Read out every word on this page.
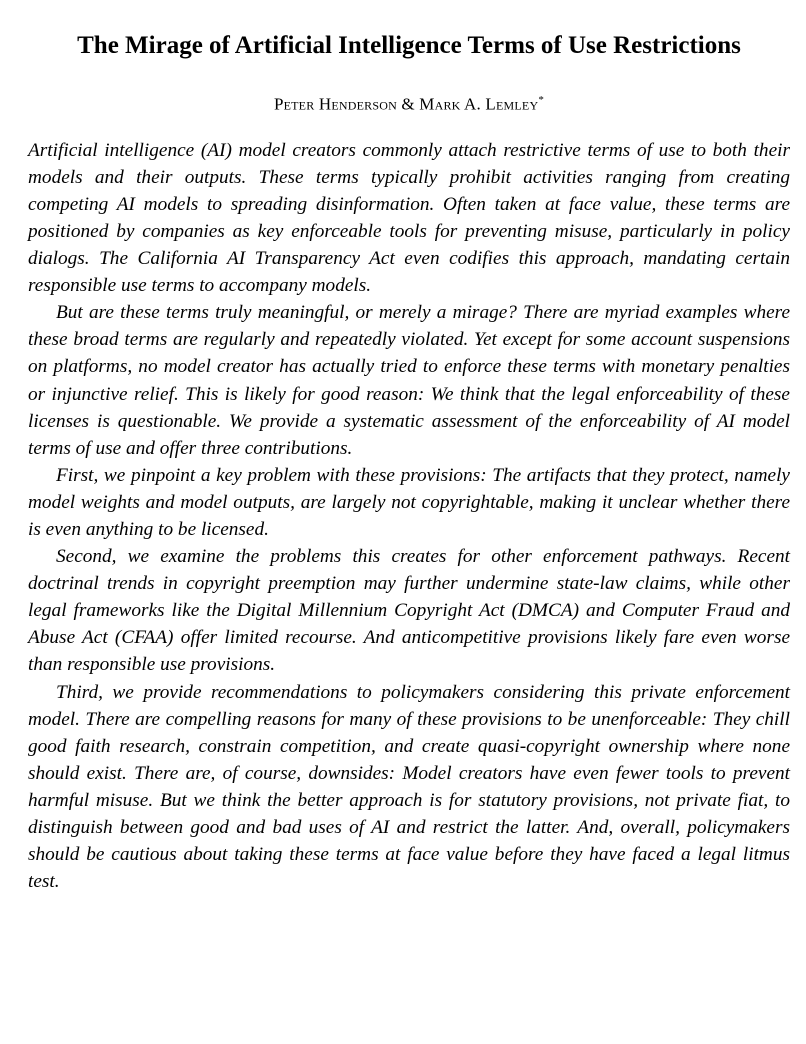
The Mirage of Artificial Intelligence Terms of Use Restrictions
Peter Henderson & Mark A. Lemley*

Artificial intelligence (AI) model creators commonly attach restrictive terms of use to both their models and their outputs. These terms typically prohibit activities ranging from creating competing AI models to spreading disinformation. Often taken at face value, these terms are positioned by companies as key enforceable tools for preventing misuse, particularly in policy dialogs. The California AI Transparency Act even codifies this approach, mandating certain responsible use terms to accompany models.

But are these terms truly meaningful, or merely a mirage? There are myriad examples where these broad terms are regularly and repeatedly violated. Yet except for some account suspensions on platforms, no model creator has actually tried to enforce these terms with monetary penalties or injunctive relief. This is likely for good reason: We think that the legal enforceability of these licenses is questionable. We provide a systematic assessment of the enforceability of AI model terms of use and offer three contributions.

First, we pinpoint a key problem with these provisions: The artifacts that they protect, namely model weights and model outputs, are largely not copyrightable, making it unclear whether there is even anything to be licensed.

Second, we examine the problems this creates for other enforcement pathways. Recent doctrinal trends in copyright preemption may further undermine state-law claims, while other legal frameworks like the Digital Millennium Copyright Act (DMCA) and Computer Fraud and Abuse Act (CFAA) offer limited recourse. And anticompetitive provisions likely fare even worse than responsible use provisions.

Third, we provide recommendations to policymakers considering this private enforcement model. There are compelling reasons for many of these provisions to be unenforceable: They chill good faith research, constrain competition, and create quasi-copyright ownership where none should exist. There are, of course, downsides: Model creators have even fewer tools to prevent harmful misuse. But we think the better approach is for statutory provisions, not private fiat, to distinguish between good and bad uses of AI and restrict the latter. And, overall, policymakers should be cautious about taking these terms at face value before they have faced a legal litmus test.
